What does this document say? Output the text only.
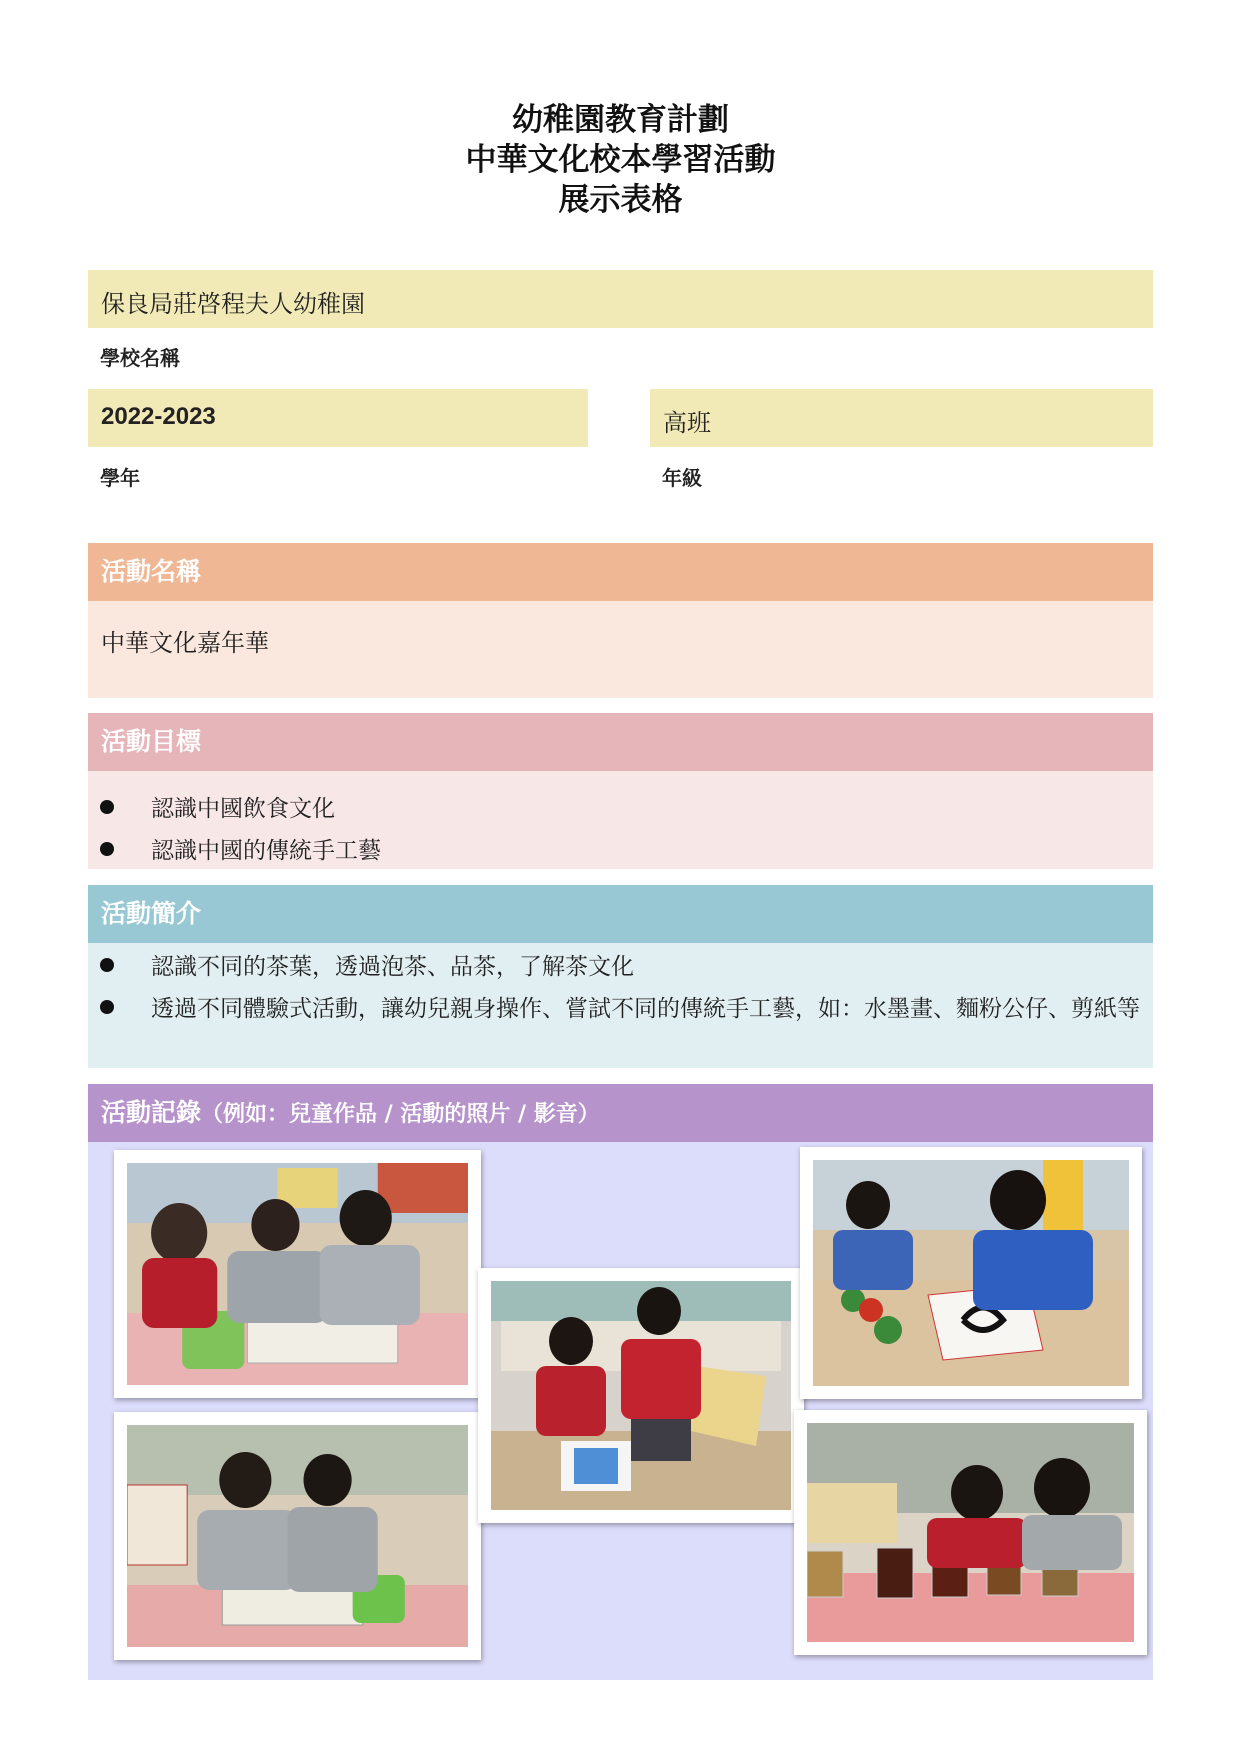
幼稚園教育計劃
中華文化校本學習活動
展示表格
保良局莊啓程夫人幼稚園
學校名稱
2022-2023
學年
高班
年級
活動名稱
中華文化嘉年華
活動目標
認識中國飲食文化
認識中國的傳統手工藝
活動簡介
認識不同的茶葉，透過泡茶、品茶，了解茶文化
透過不同體驗式活動，讓幼兒親身操作、嘗試不同的傳統手工藝，如：水墨畫、麵粉公仔、剪紙等
活動記錄（例如：兒童作品 / 活動的照片 / 影音）
